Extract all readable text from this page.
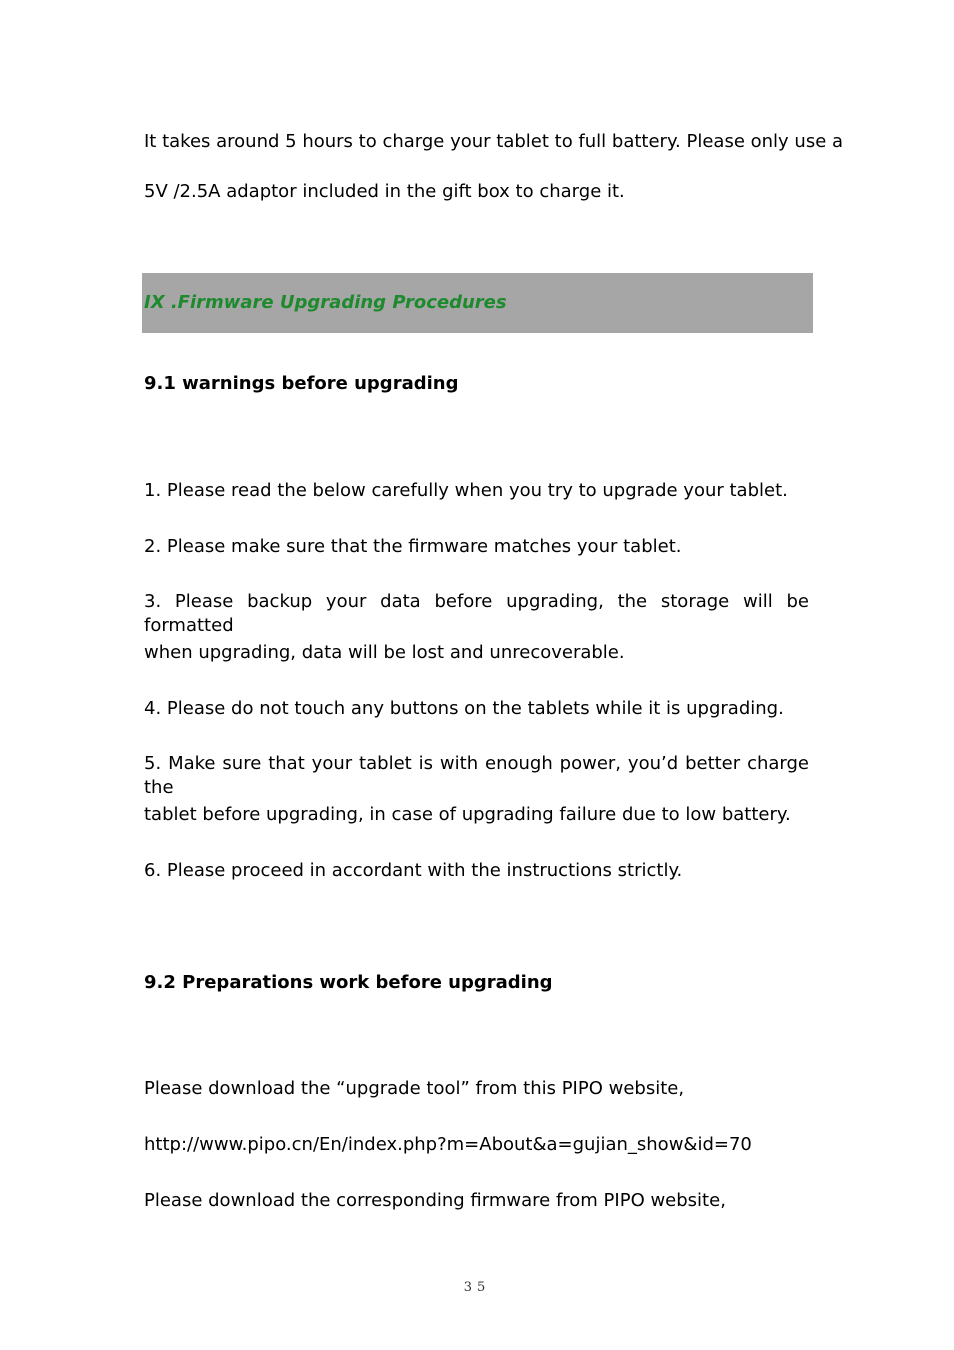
It takes around 5 hours to charge your tablet to full battery. Please only use a
5V /2.5A adaptor included in the gift box to charge it.
IX .Firmware Upgrading Procedures
9.1 warnings before upgrading
1. Please read the below carefully when you try to upgrade your tablet.
2. Please make sure that the firmware matches your tablet.
3. Please backup your data before upgrading, the storage will be formatted
when upgrading, data will be lost and unrecoverable.
4. Please do not touch any buttons on the tablets while it is upgrading.
5. Make sure that your tablet is with enough power, you’d better charge the
tablet before upgrading, in case of upgrading failure due to low battery.
6. Please proceed in accordant with the instructions strictly.
9.2 Preparations work before upgrading
Please download the “upgrade tool” from this PIPO website,
http://www.pipo.cn/En/index.php?m=About&a=gujian_show&id=70
Please download the corresponding firmware from PIPO website,
35
